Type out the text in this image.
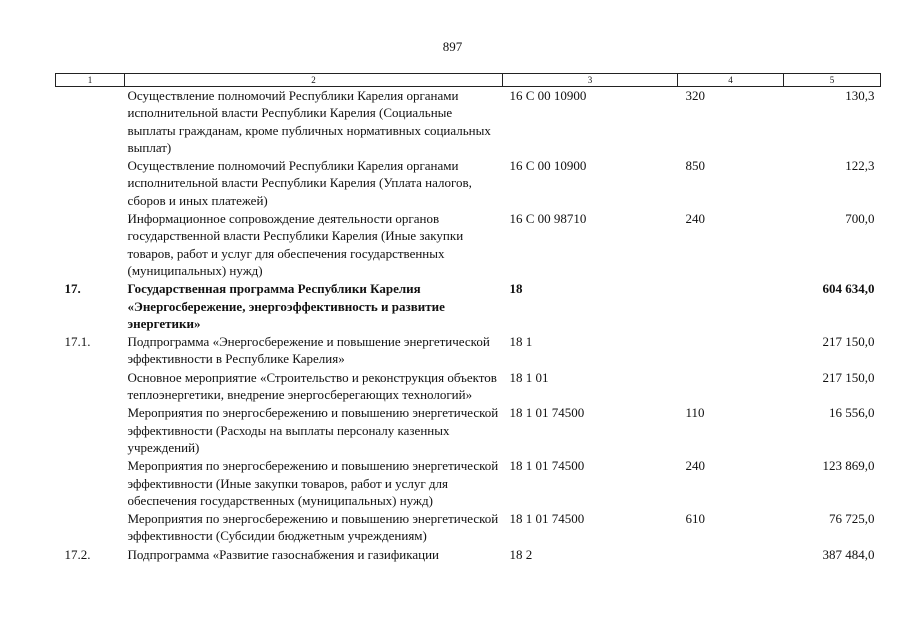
897
1	2	3	4	5
	Осуществление полномочий Республики Карелия органами исполнительной власти Республики Карелия (Социальные выплаты гражданам, кроме публичных нормативных социальных выплат)	16 С 00 10900	320	130,3
	Осуществление полномочий Республики Карелия органами исполнительной власти Республики Карелия (Уплата налогов, сборов и иных платежей)	16 С 00 10900	850	122,3
	Информационное сопровождение деятельности органов государственной власти Республики Карелия (Иные закупки товаров, работ и услуг для обеспечения государственных (муниципальных) нужд)	16 С 00 98710	240	700,0
17.	Государственная программа Республики Карелия «Энергосбережение, энергоэффективность и развитие энергетики»	18		604 634,0
17.1.	Подпрограмма «Энергосбережение и повышение энергетической эффективности в Республике Карелия»	18 1		217 150,0
	Основное мероприятие «Строительство и реконструкция объектов теплоэнергетики, внедрение энергосберегающих технологий»	18 1 01		217 150,0
	Мероприятия по энергосбережению и повышению энергетической эффективности (Расходы на выплаты персоналу казенных учреждений)	18 1 01 74500	110	16 556,0
	Мероприятия по энергосбережению и повышению энергетической эффективности (Иные закупки товаров, работ и услуг для обеспечения государственных (муниципальных) нужд)	18 1 01 74500	240	123 869,0
	Мероприятия по энергосбережению и повышению энергетической эффективности (Субсидии бюджетным учреждениям)	18 1 01 74500	610	76 725,0
17.2.	Подпрограмма «Развитие газоснабжения и газификации	18 2		387 484,0
